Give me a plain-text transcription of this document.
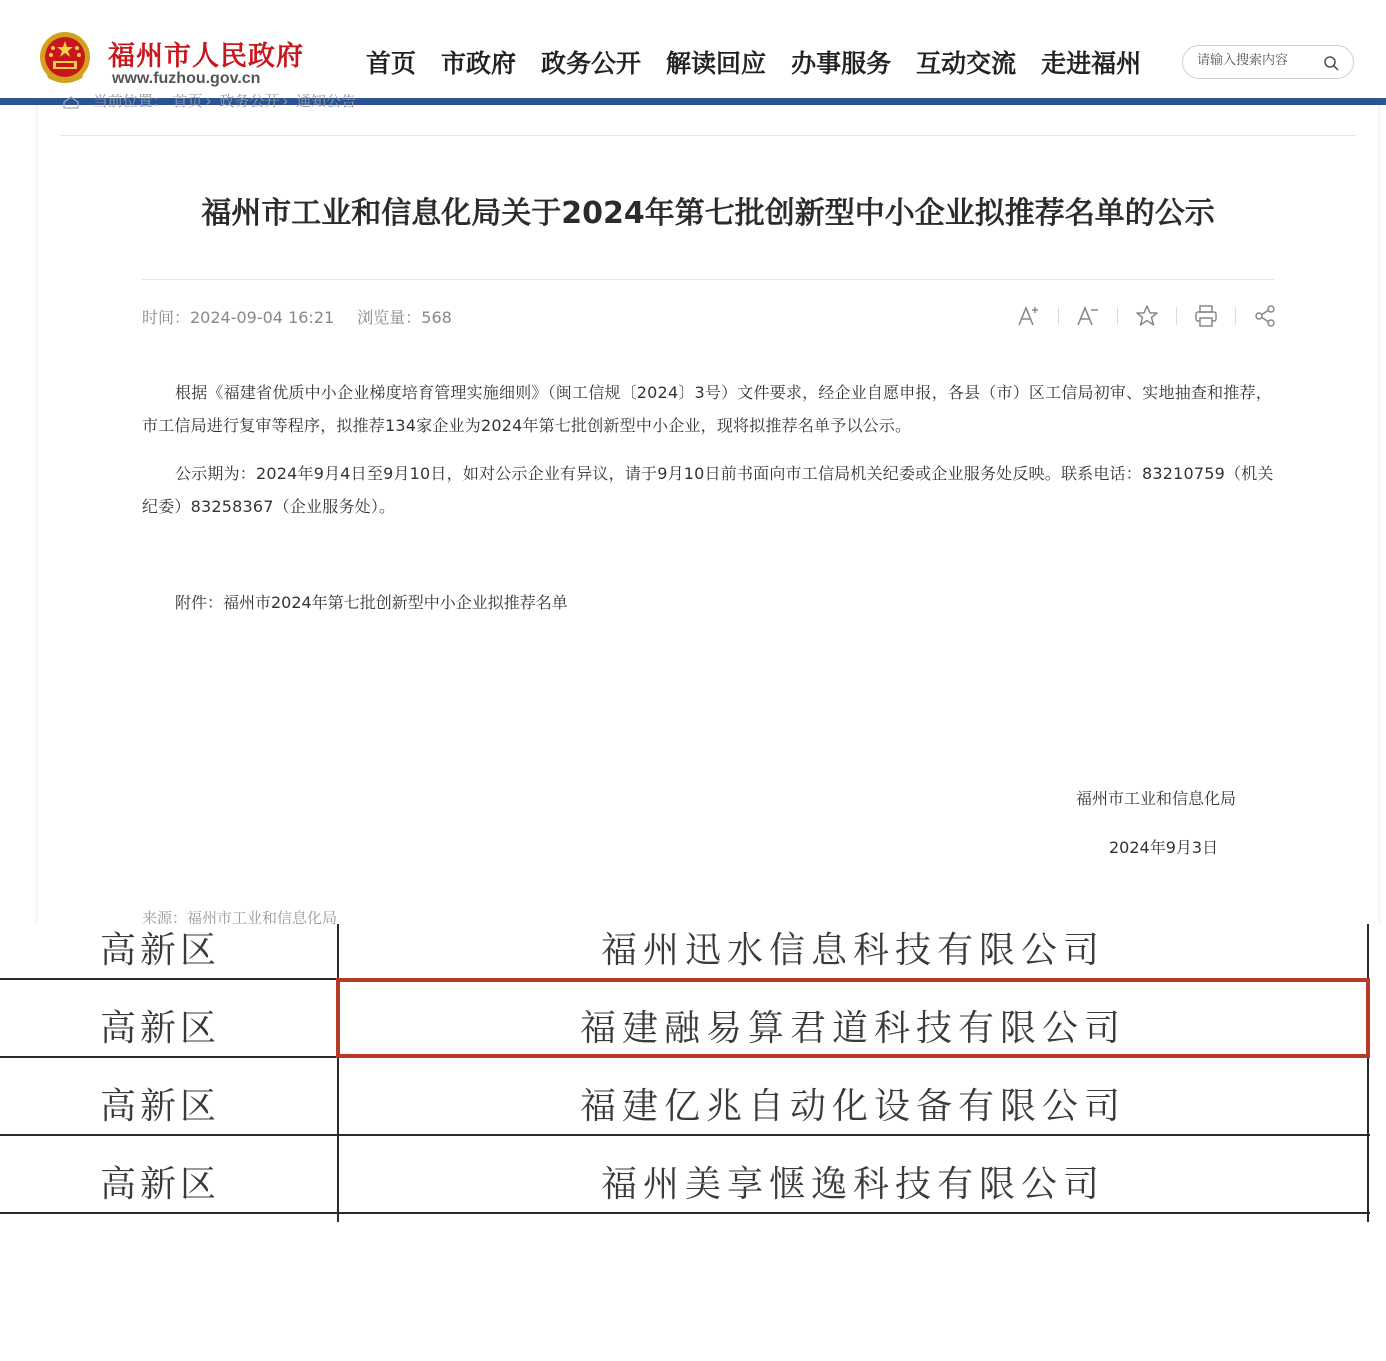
福州市人民政府
www.fuzhou.gov.cn
首页 市政府 政务公开 解读回应 办事服务 互动交流 走进福州
请输入搜索内容
当前位置： 首页 › 政务公开 › 通知公告
福州市工业和信息化局关于2024年第七批创新型中小企业拟推荐名单的公示
时间：2024-09-04 16:21 浏览量：568
根据《福建省优质中小企业梯度培育管理实施细则》（闽工信规〔2024〕3号）文件要求，经企业自愿申报，各县（市）区工信局初审、实地抽查和推荐，市工信局进行复审等程序，拟推荐134家企业为2024年第七批创新型中小企业，现将拟推荐名单予以公示。
公示期为：2024年9月4日至9月10日，如对公示企业有异议，请于9月10日前书面向市工信局机关纪委或企业服务处反映。联系电话：83210759（机关纪委）83258367（企业服务处）。
附件：福州市2024年第七批创新型中小企业拟推荐名单
福州市工业和信息化局
2024年9月3日
来源：福州市工业和信息化局
高新区	福州迅水信息科技有限公司
高新区	福建融易算君道科技有限公司
高新区	福建亿兆自动化设备有限公司
高新区	福州美享惬逸科技有限公司
